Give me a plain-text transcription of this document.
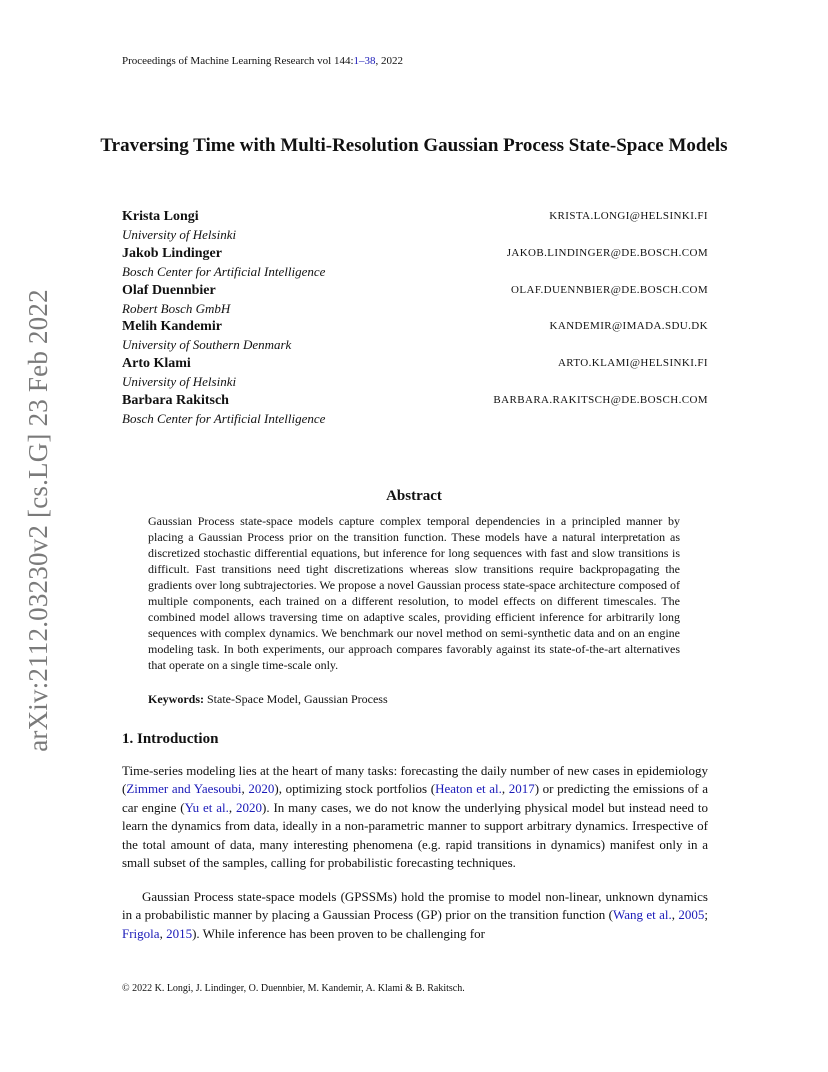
arXiv:2112.03230v2 [cs.LG] 23 Feb 2022
Proceedings of Machine Learning Research vol 144:1–38, 2022
Traversing Time with Multi-Resolution Gaussian Process State-Space Models
Krista Longi
University of Helsinki
KRISTA.LONGI@HELSINKI.FI
Jakob Lindinger
Bosch Center for Artificial Intelligence
JAKOB.LINDINGER@DE.BOSCH.COM
Olaf Duennbier
Robert Bosch GmbH
OLAF.DUENNBIER@DE.BOSCH.COM
Melih Kandemir
University of Southern Denmark
KANDEMIR@IMADA.SDU.DK
Arto Klami
University of Helsinki
ARTO.KLAMI@HELSINKI.FI
Barbara Rakitsch
Bosch Center for Artificial Intelligence
BARBARA.RAKITSCH@DE.BOSCH.COM
Abstract

Gaussian Process state-space models capture complex temporal dependencies in a principled manner by placing a Gaussian Process prior on the transition function. These models have a natural interpretation as discretized stochastic differential equations, but inference for long sequences with fast and slow transitions is difficult. Fast transitions need tight discretizations whereas slow transitions require backpropagating the gradients over long subtrajectories. We propose a novel Gaussian process state-space architecture composed of multiple components, each trained on a different resolution, to model effects on different timescales. The combined model allows traversing time on adaptive scales, providing efficient inference for arbitrarily long sequences with complex dynamics. We benchmark our novel method on semi-synthetic data and on an engine modeling task. In both experiments, our approach compares favorably against its state-of-the-art alternatives that operate on a single time-scale only.

Keywords: State-Space Model, Gaussian Process
1. Introduction

Time-series modeling lies at the heart of many tasks: forecasting the daily number of new cases in epidemiology (Zimmer and Yaesoubi, 2020), optimizing stock portfolios (Heaton et al., 2017) or predicting the emissions of a car engine (Yu et al., 2020). In many cases, we do not know the underlying physical model but instead need to learn the dynamics from data, ideally in a non-parametric manner to support arbitrary dynamics. Irrespective of the total amount of data, many interesting phenomena (e.g. rapid transitions in dynamics) manifest only in a small subset of the samples, calling for probabilistic forecasting techniques.

Gaussian Process state-space models (GPSSMs) hold the promise to model non-linear, unknown dynamics in a probabilistic manner by placing a Gaussian Process (GP) prior on the transition function (Wang et al., 2005; Frigola, 2015). While inference has been proven to be challenging for

© 2022 K. Longi, J. Lindinger, O. Duennbier, M. Kandemir, A. Klami & B. Rakitsch.
